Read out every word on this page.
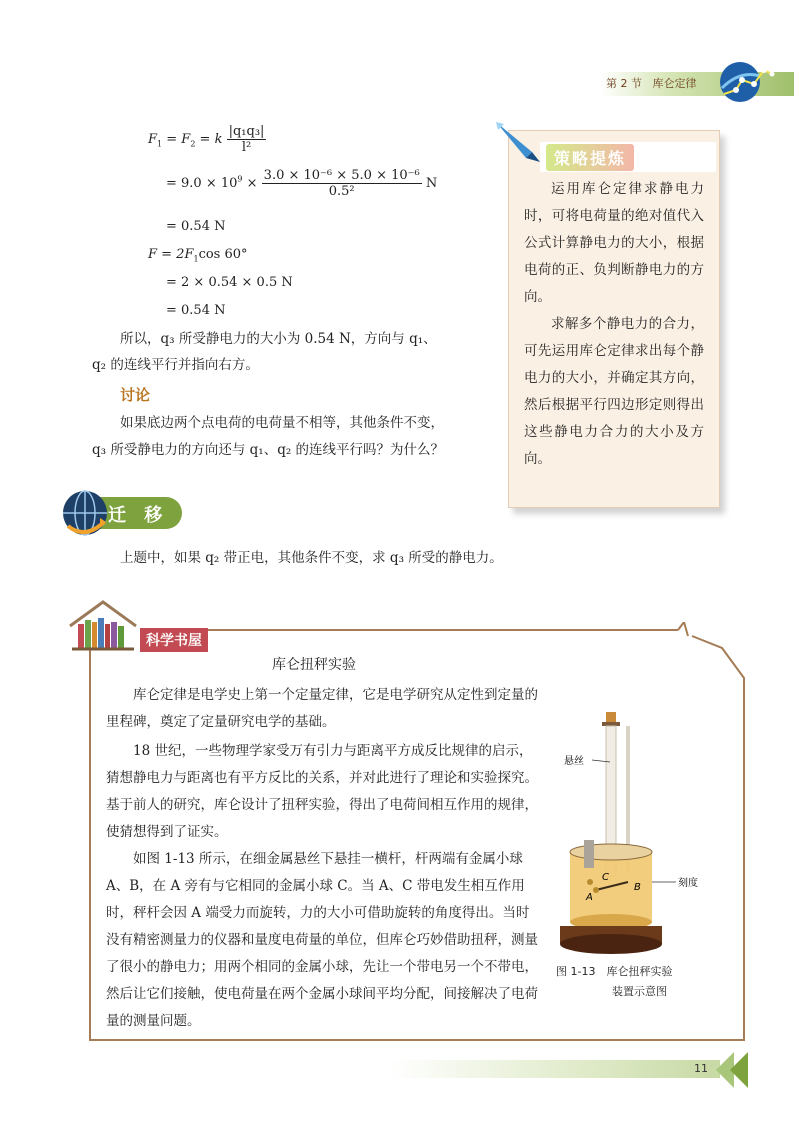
第 2 节 库仑定律
$F_1 = F_2 = k \frac{\text{|q₁q₃|}}{\text{l²}}$
= $9.0 \times 10^9 \times \frac{\text{3.0 × 10⁻⁶ × 5.0 × 10⁻⁶}}{\text{0.5²}}$ N
= 0.54 N
$F = 2F_1\cos$ 60°
= 2 × 0.54 × 0.5 N
= 0.54 N
所以，q₃ 所受静电力的大小为 0.54 N，方向与 q₁、
q₂ 的连线平行并指向右方。
讨论
如果底边两个点电荷的电荷量不相等，其他条件不变，
q₃ 所受静电力的方向还与 q₁、q₂ 的连线平行吗？为什么？
策略提炼
运用库仑定律求静电力时，可将电荷量的绝对值代入公式计算静电力的大小，根据电荷的正、负判断静电力的方向。
求解多个静电力的合力，可先运用库仑定律求出每个静电力的大小，并确定其方向，然后根据平行四边形定则得出这些静电力合力的大小及方向。
迁 移
上题中，如果 q₂ 带正电，其他条件不变，求 q₃ 所受的静电力。
科学书屋
库仑扭秤实验
库仑定律是电学史上第一个定量定律，它是电学研究从定性到定量的里程碑，奠定了定量研究电学的基础。
18 世纪，一些物理学家受万有引力与距离平方成反比规律的启示，猜想静电力与距离也有平方反比的关系，并对此进行了理论和实验探究。基于前人的研究，库仑设计了扭秤实验，得出了电荷间相互作用的规律，使猜想得到了证实。
如图 1-13 所示，在细金属悬丝下悬挂一横杆，杆两端有金属小球 A、B，在 A 旁有与它相同的金属小球 C。当 A、C 带电发生相互作用时，秤杆会因 A 端受力而旋转，力的大小可借助旋转的角度得出。当时没有精密测量力的仪器和量度电荷量的单位，但库仑巧妙借助扭秤，测量了很小的静电力；用两个相同的金属小球，先让一个带电另一个不带电，然后让它们接触，使电荷量在两个金属小球间平均分配，间接解决了电荷量的测量问题。
悬丝
刻度
A
B
C
图 1-13　库仑扭秤实验
装置示意图
11
